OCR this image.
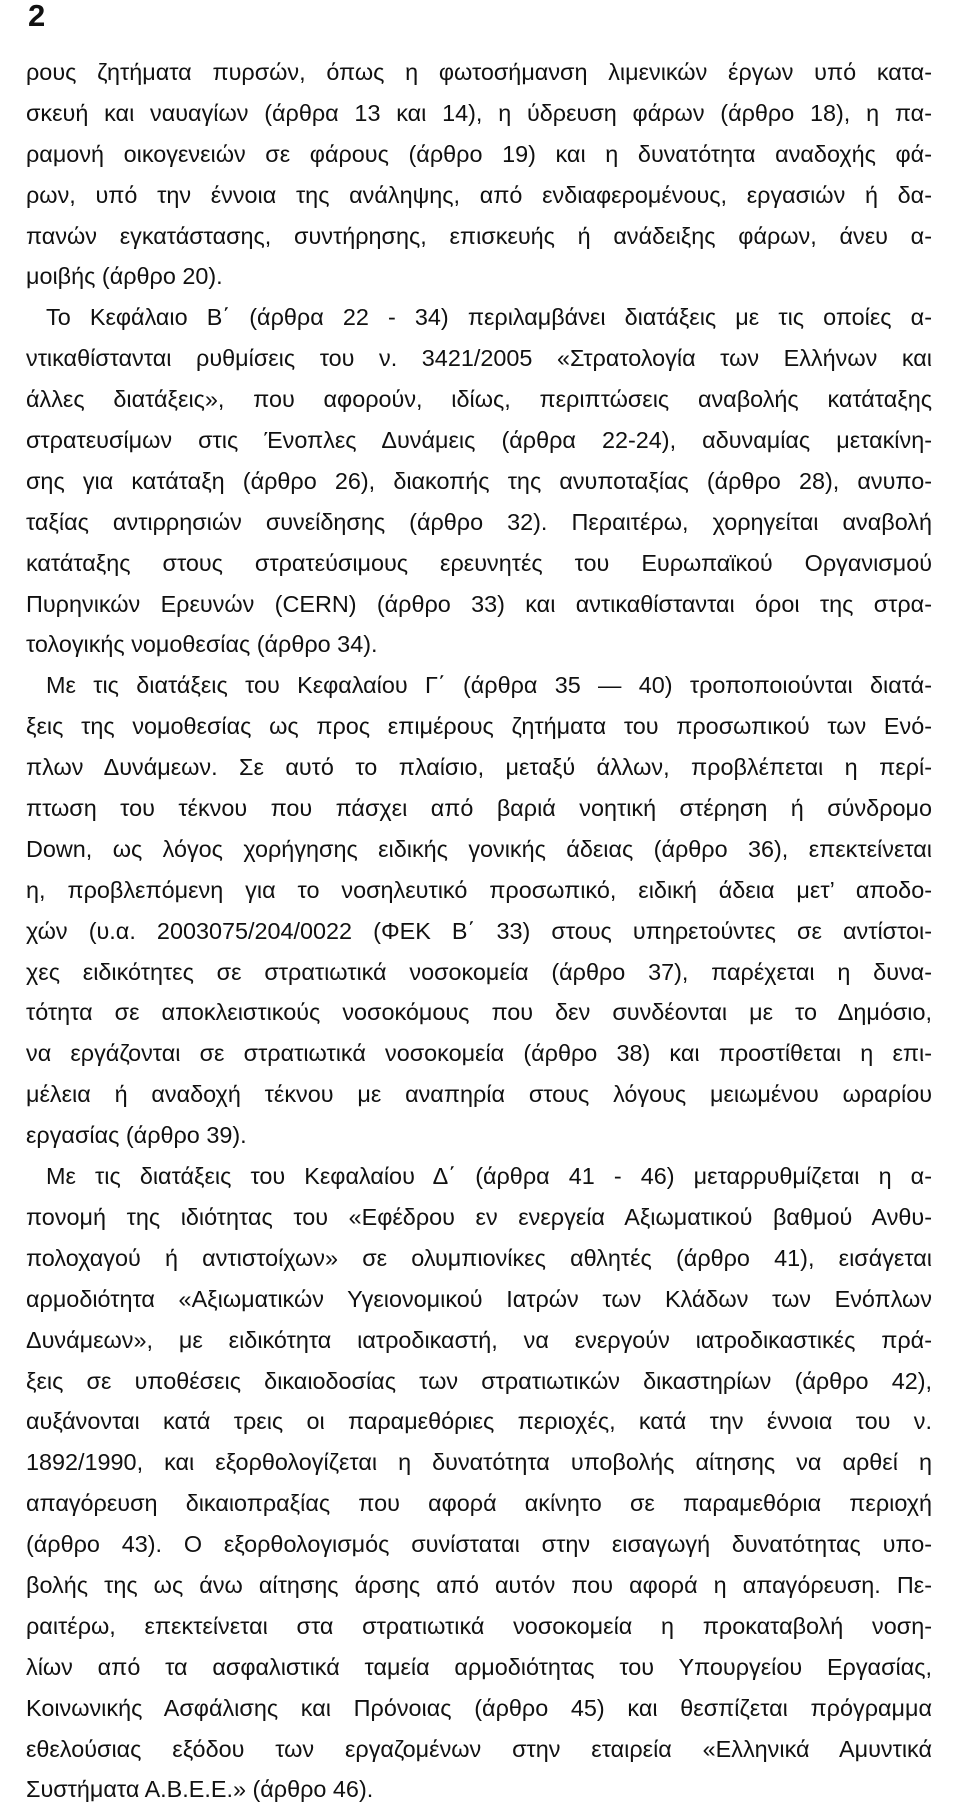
2
ρους ζητήματα πυρσών, όπως η φωτοσήμανση λιμενικών έργων υπό κατα-
σκευή και ναυαγίων (άρθρα 13 και 14), η ύδρευση φάρων (άρθρο 18), η πα-
ραμονή οικογενειών σε φάρους (άρθρο 19) και η δυνατότητα αναδοχής φά-
ρων, υπό την έννοια της ανάληψης, από ενδιαφερομένους, εργασιών ή δα-
πανών εγκατάστασης, συντήρησης, επισκευής ή ανάδειξης φάρων, άνευ α-
μοιβής (άρθρο 20).
Το Κεφάλαιο Β΄ (άρθρα 22 - 34) περιλαμβάνει διατάξεις με τις οποίες α-
ντικαθίστανται ρυθμίσεις του ν. 3421/2005 «Στρατολογία των Ελλήνων και
άλλες διατάξεις», που αφορούν, ιδίως, περιπτώσεις αναβολής κατάταξης
στρατευσίμων στις Ένοπλες Δυνάμεις (άρθρα 22-24), αδυναμίας μετακίνη-
σης για κατάταξη (άρθρο 26), διακοπής της ανυποταξίας (άρθρο 28), ανυπο-
ταξίας αντιρρησιών συνείδησης (άρθρο 32). Περαιτέρω, χορηγείται αναβολή
κατάταξης στους στρατεύσιμους ερευνητές του Ευρωπαϊκού Οργανισμού
Πυρηνικών Ερευνών (CERN) (άρθρο 33) και αντικαθίστανται όροι της στρα-
τολογικής νομοθεσίας (άρθρο 34).
Με τις διατάξεις του Κεφαλαίου Γ΄ (άρθρα 35 — 40) τροποποιούνται διατά-
ξεις της νομοθεσίας ως προς επιμέρους ζητήματα του προσωπικού των Ενό-
πλων Δυνάμεων. Σε αυτό το πλαίσιο, μεταξύ άλλων, προβλέπεται η περί-
πτωση του τέκνου που πάσχει από βαριά νοητική στέρηση ή σύνδρομο
Down, ως λόγος χορήγησης ειδικής γονικής άδειας (άρθρο 36), επεκτείνεται
η, προβλεπόμενη για το νοσηλευτικό προσωπικό, ειδική άδεια μετ’ αποδο-
χών (υ.α. 2003075/204/0022 (ΦΕΚ Β΄ 33) στους υπηρετούντες σε αντίστοι-
χες ειδικότητες σε στρατιωτικά νοσοκομεία (άρθρο 37), παρέχεται η δυνα-
τότητα σε αποκλειστικούς νοσοκόμους που δεν συνδέονται με το Δημόσιο,
να εργάζονται σε στρατιωτικά νοσοκομεία (άρθρο 38) και προστίθεται η επι-
μέλεια ή αναδοχή τέκνου με αναπηρία στους λόγους μειωμένου ωραρίου
εργασίας (άρθρο 39).
Με τις διατάξεις του Κεφαλαίου Δ΄ (άρθρα 41 - 46) μεταρρυθμίζεται η α-
πονομή της ιδιότητας του «Εφέδρου εν ενεργεία Αξιωματικού βαθμού Ανθυ-
πολοχαγού ή αντιστοίχων» σε ολυμπιονίκες αθλητές (άρθρο 41), εισάγεται
αρμοδιότητα «Αξιωματικών Υγειονομικού Ιατρών των Κλάδων των Ενόπλων
Δυνάμεων», με ειδικότητα ιατροδικαστή, να ενεργούν ιατροδικαστικές πρά-
ξεις σε υποθέσεις δικαιοδοσίας των στρατιωτικών δικαστηρίων (άρθρο 42),
αυξάνονται κατά τρεις οι παραμεθόριες περιοχές, κατά την έννοια του ν.
1892/1990, και εξορθολογίζεται η δυνατότητα υποβολής αίτησης να αρθεί η
απαγόρευση δικαιοπραξίας που αφορά ακίνητο σε παραμεθόρια περιοχή
(άρθρο 43). Ο εξορθολογισμός συνίσταται στην εισαγωγή δυνατότητας υπο-
βολής της ως άνω αίτησης άρσης από αυτόν που αφορά η απαγόρευση. Πε-
ραιτέρω, επεκτείνεται στα στρατιωτικά νοσοκομεία η προκαταβολή νοση-
λίων από τα ασφαλιστικά ταμεία αρμοδιότητας του Υπουργείου Εργασίας,
Κοινωνικής Ασφάλισης και Πρόνοιας (άρθρο 45) και θεσπίζεται πρόγραμμα
εθελούσιας εξόδου των εργαζομένων στην εταιρεία «Ελληνικά Αμυντικά
Συστήματα Α.Β.Ε.Ε.» (άρθρο 46).
